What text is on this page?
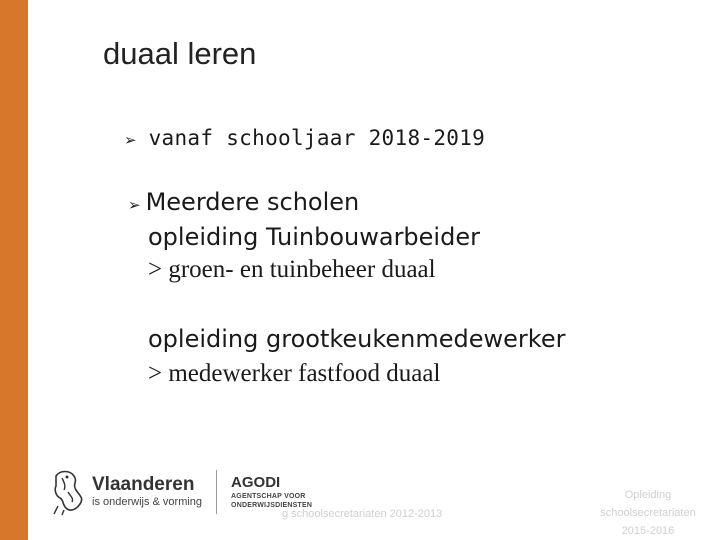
duaal leren
➢ vanaf schooljaar 2018-2019
➢ Meerdere scholen
opleiding Tuinbouwarbeider
> groen- en tuinbeheer duaal
opleiding grootkeukenmedewerker
> medewerker fastfood duaal
Vlaanderen
is onderwijs & vorming
AGODI
AGENTSCHAP VOOR
ONDERWIJSDIENSTEN
g schoolsecretariaten 2012-2013
Opleiding
schoolsecretariaten
2015-2016
